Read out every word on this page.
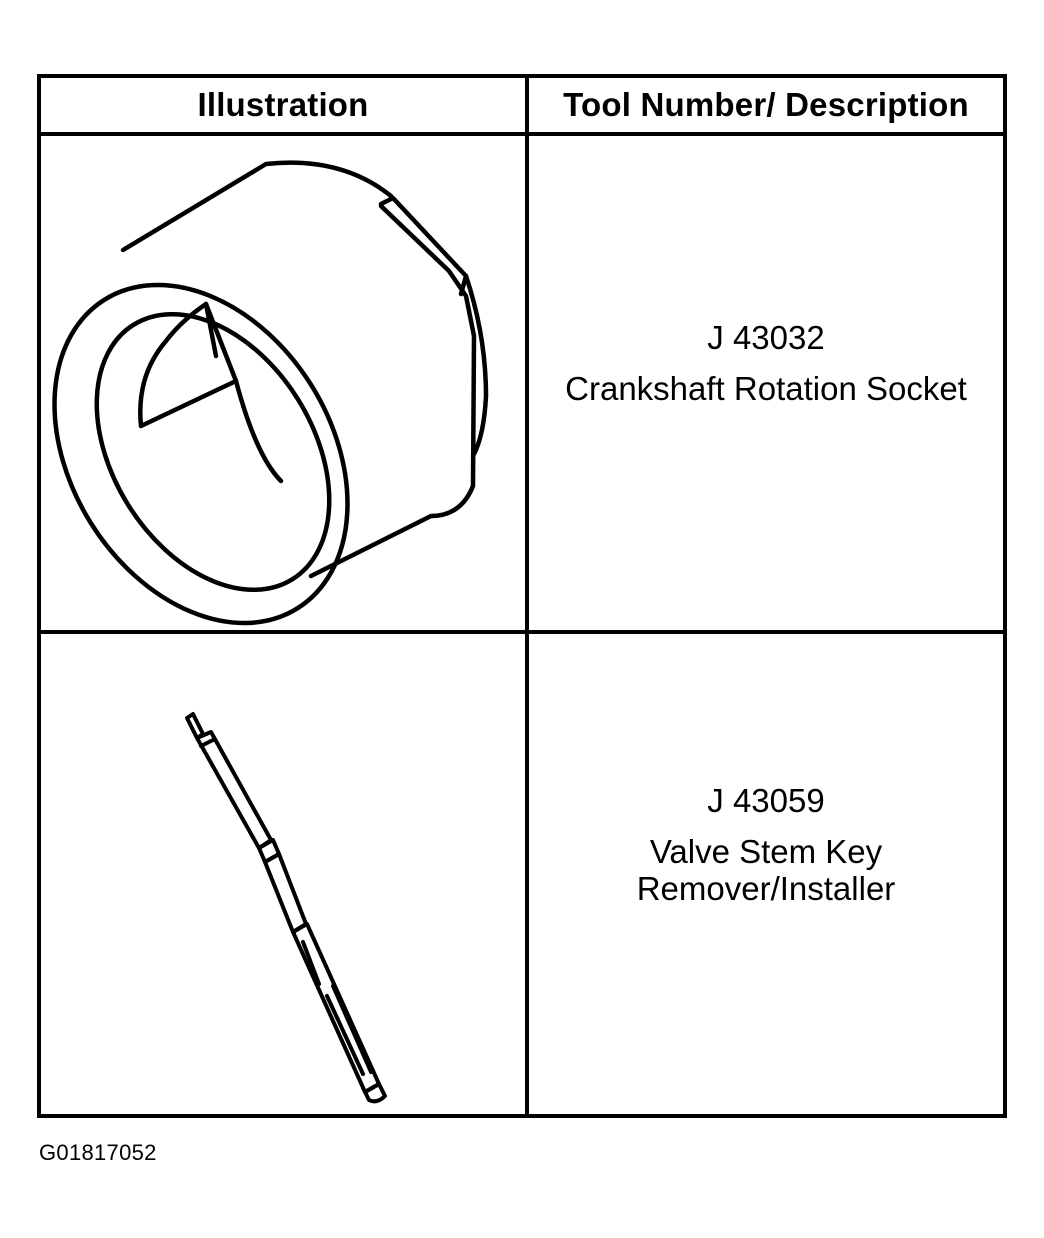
Illustration	Tool Number/ Description
J 43032
Crankshaft Rotation Socket
J 43059
Valve Stem Key
Remover/Installer
G01817052
